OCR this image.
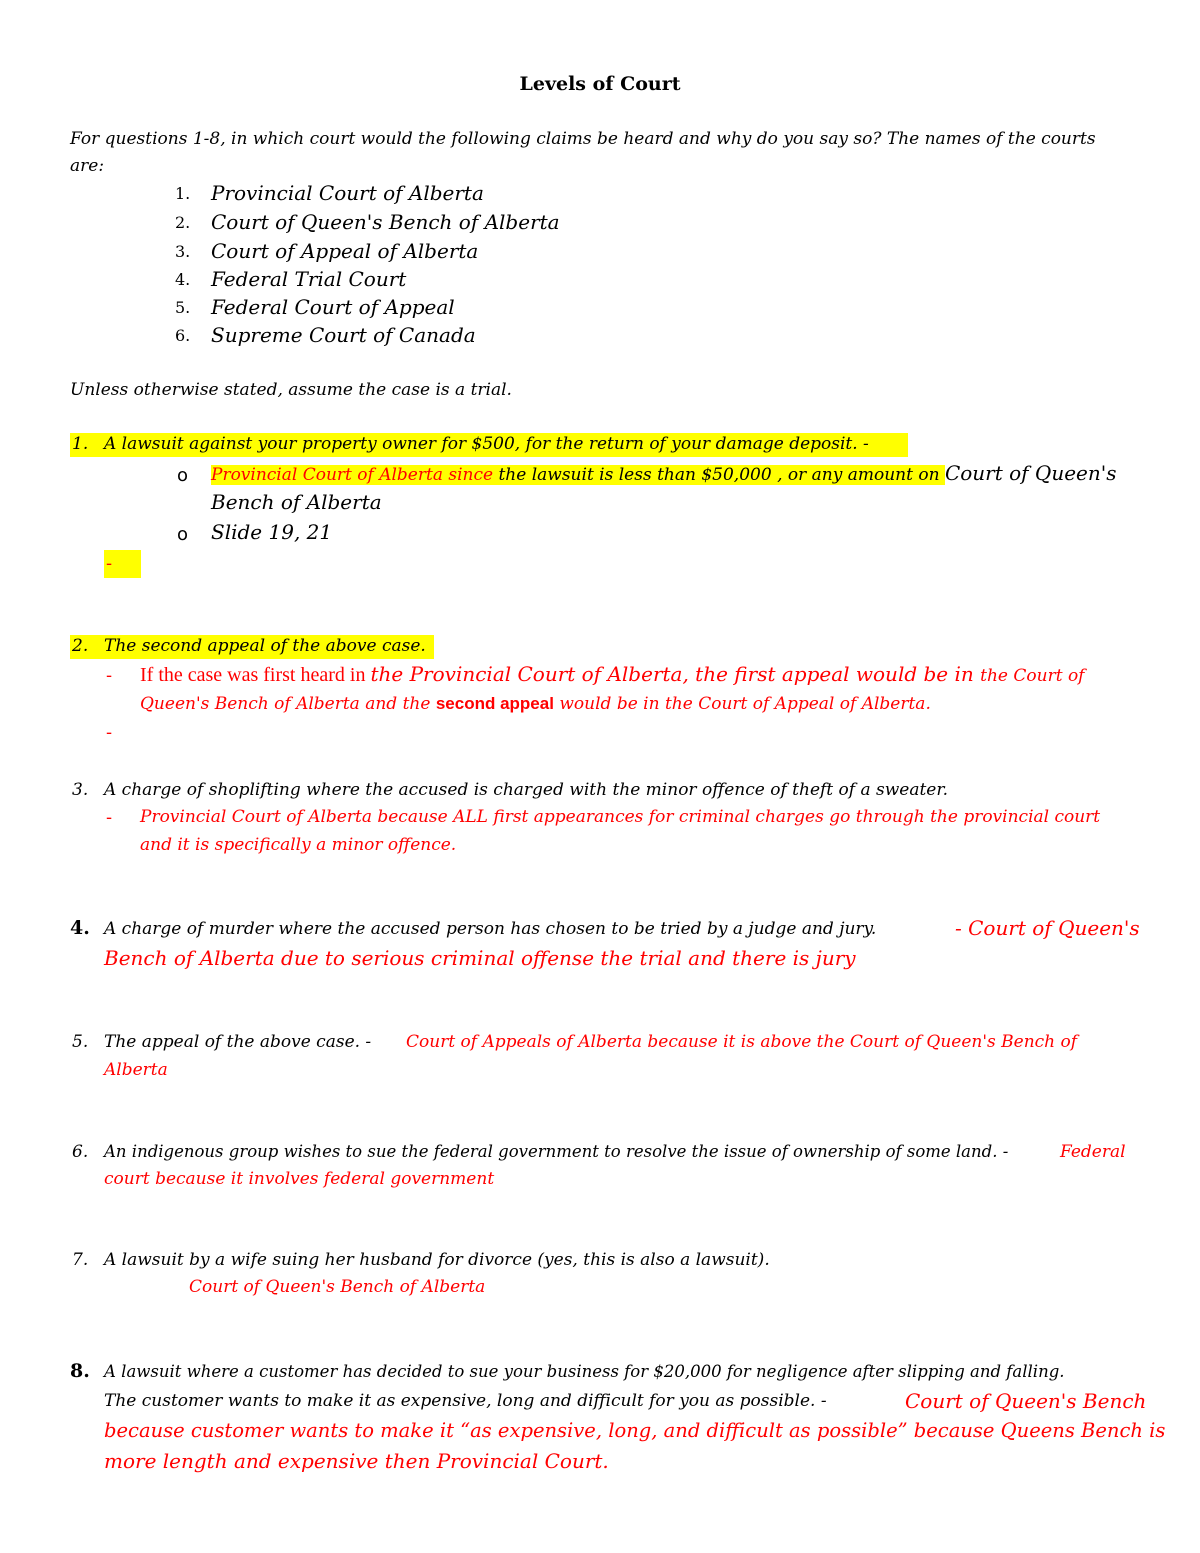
Levels of Court
For questions 1-8, in which court would the following claims be heard and why do you say so? The names of the courts are:
1. Provincial Court of Alberta
2. Court of Queen's Bench of Alberta
3. Court of Appeal of Alberta
4. Federal Trial Court
5. Federal Court of Appeal
6. Supreme Court of Canada
Unless otherwise stated, assume the case is a trial.
1. A lawsuit against your property owner for $500, for the return of your damage deposit. -
o Provincial Court of Alberta since the lawsuit is less than $50,000 , or any amount on Court of Queen's
Bench of Alberta
o Slide 19, 21
-
2. The second appeal of the above case.
- If the case was first heard in the Provincial Court of Alberta, the first appeal would be in the Court of
Queen's Bench of Alberta and the second appeal would be in the Court of Appeal of Alberta.
-
3. A charge of shoplifting where the accused is charged with the minor offence of theft of a sweater.
- Provincial Court of Alberta because ALL first appearances for criminal charges go through the provincial court
and it is specifically a minor offence.
4. A charge of murder where the accused person has chosen to be tried by a judge and jury.	- Court of Queen's
Bench of Alberta due to serious criminal offense the trial and there is jury
5. The appeal of the above case. - Court of Appeals of Alberta because it is above the Court of Queen's Bench of
Alberta
6. An indigenous group wishes to sue the federal government to resolve the issue of ownership of some land. -	Federal
court because it involves federal government
7. A lawsuit by a wife suing her husband for divorce (yes, this is also a lawsuit).
Court of Queen's Bench of Alberta
8. A lawsuit where a customer has decided to sue your business for $20,000 for negligence after slipping and falling.
The customer wants to make it as expensive, long and difficult for you as possible. -	Court of Queen's Bench
because customer wants to make it “as expensive, long, and difficult as possible” because Queens Bench is
more length and expensive then Provincial Court.
